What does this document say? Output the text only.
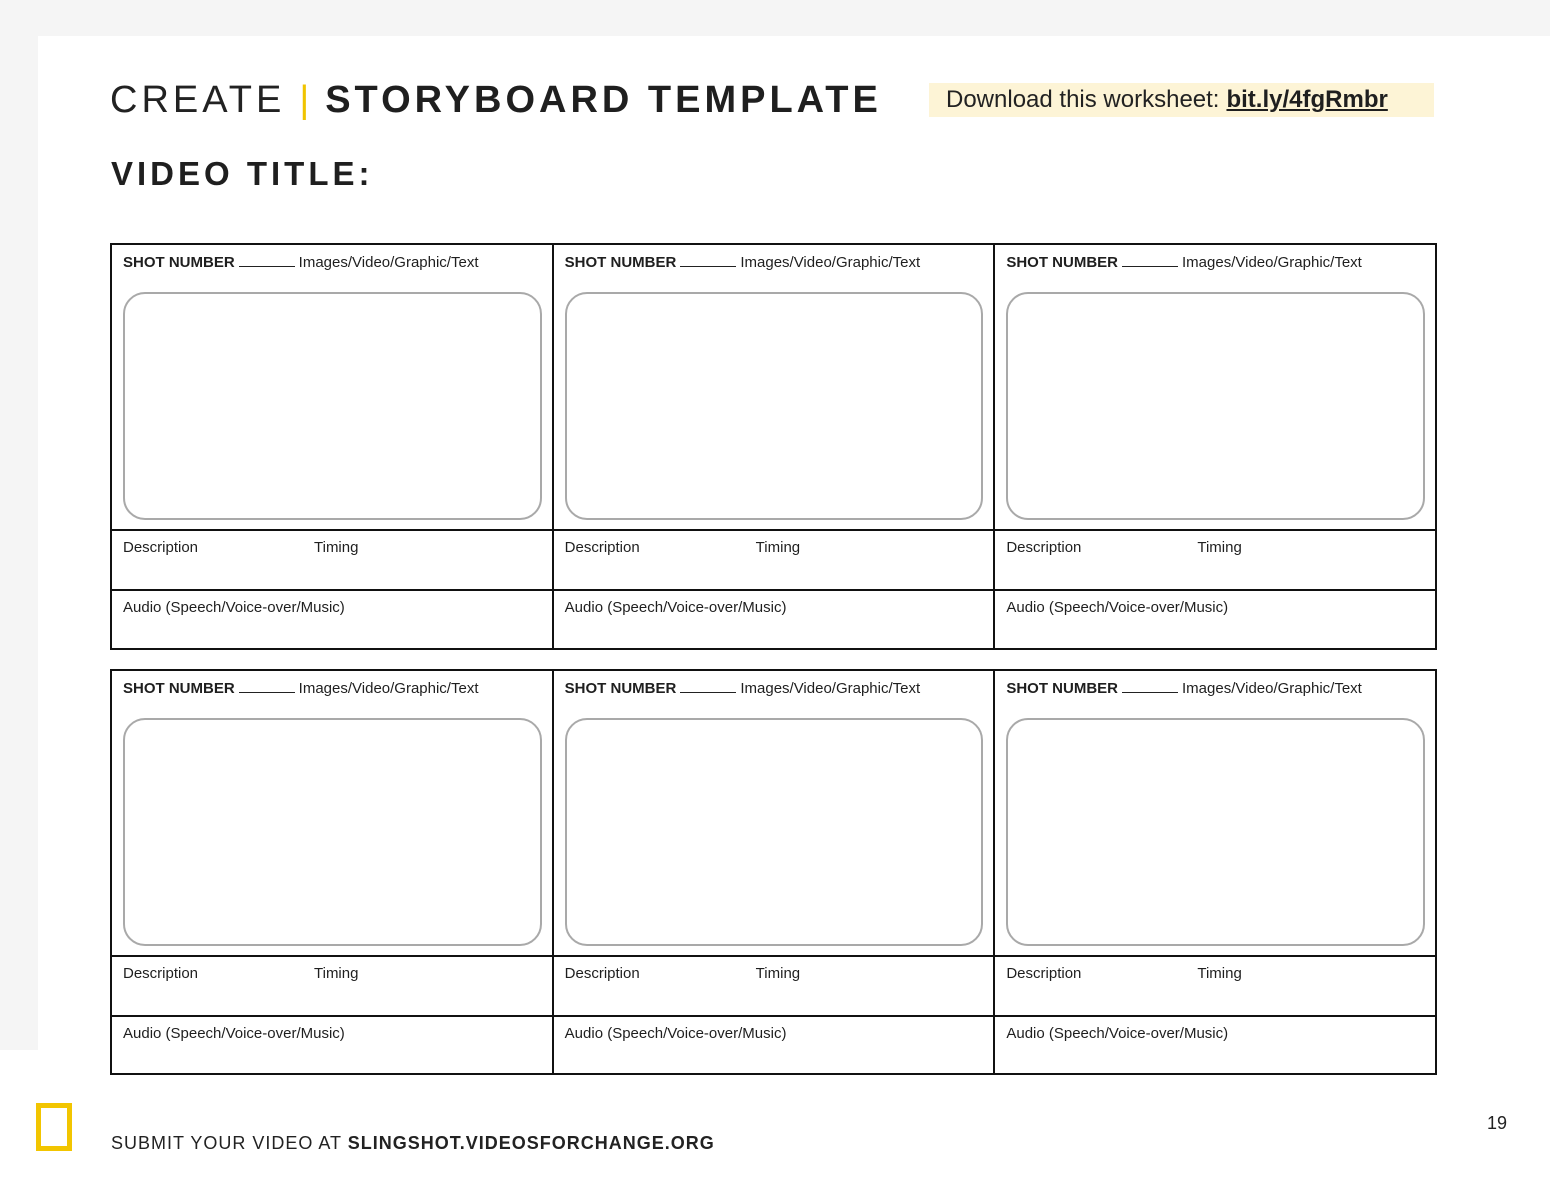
CREATE | STORYBOARD TEMPLATE	Download this worksheet: bit.ly/4fgRmbr
VIDEO TITLE:
SHOT NUMBER	Images/Video/Graphic/Text
Description	Timing
Audio (Speech/Voice-over/Music)
SHOT NUMBER	Images/Video/Graphic/Text
Description	Timing
Audio (Speech/Voice-over/Music)
SHOT NUMBER	Images/Video/Graphic/Text
Description	Timing
Audio (Speech/Voice-over/Music)
SHOT NUMBER	Images/Video/Graphic/Text
Description	Timing
Audio (Speech/Voice-over/Music)
SHOT NUMBER	Images/Video/Graphic/Text
Description	Timing
Audio (Speech/Voice-over/Music)
SHOT NUMBER	Images/Video/Graphic/Text
Description	Timing
Audio (Speech/Voice-over/Music)
SUBMIT YOUR VIDEO AT SLINGSHOT.VIDEOSFORCHANGE.ORG
19
